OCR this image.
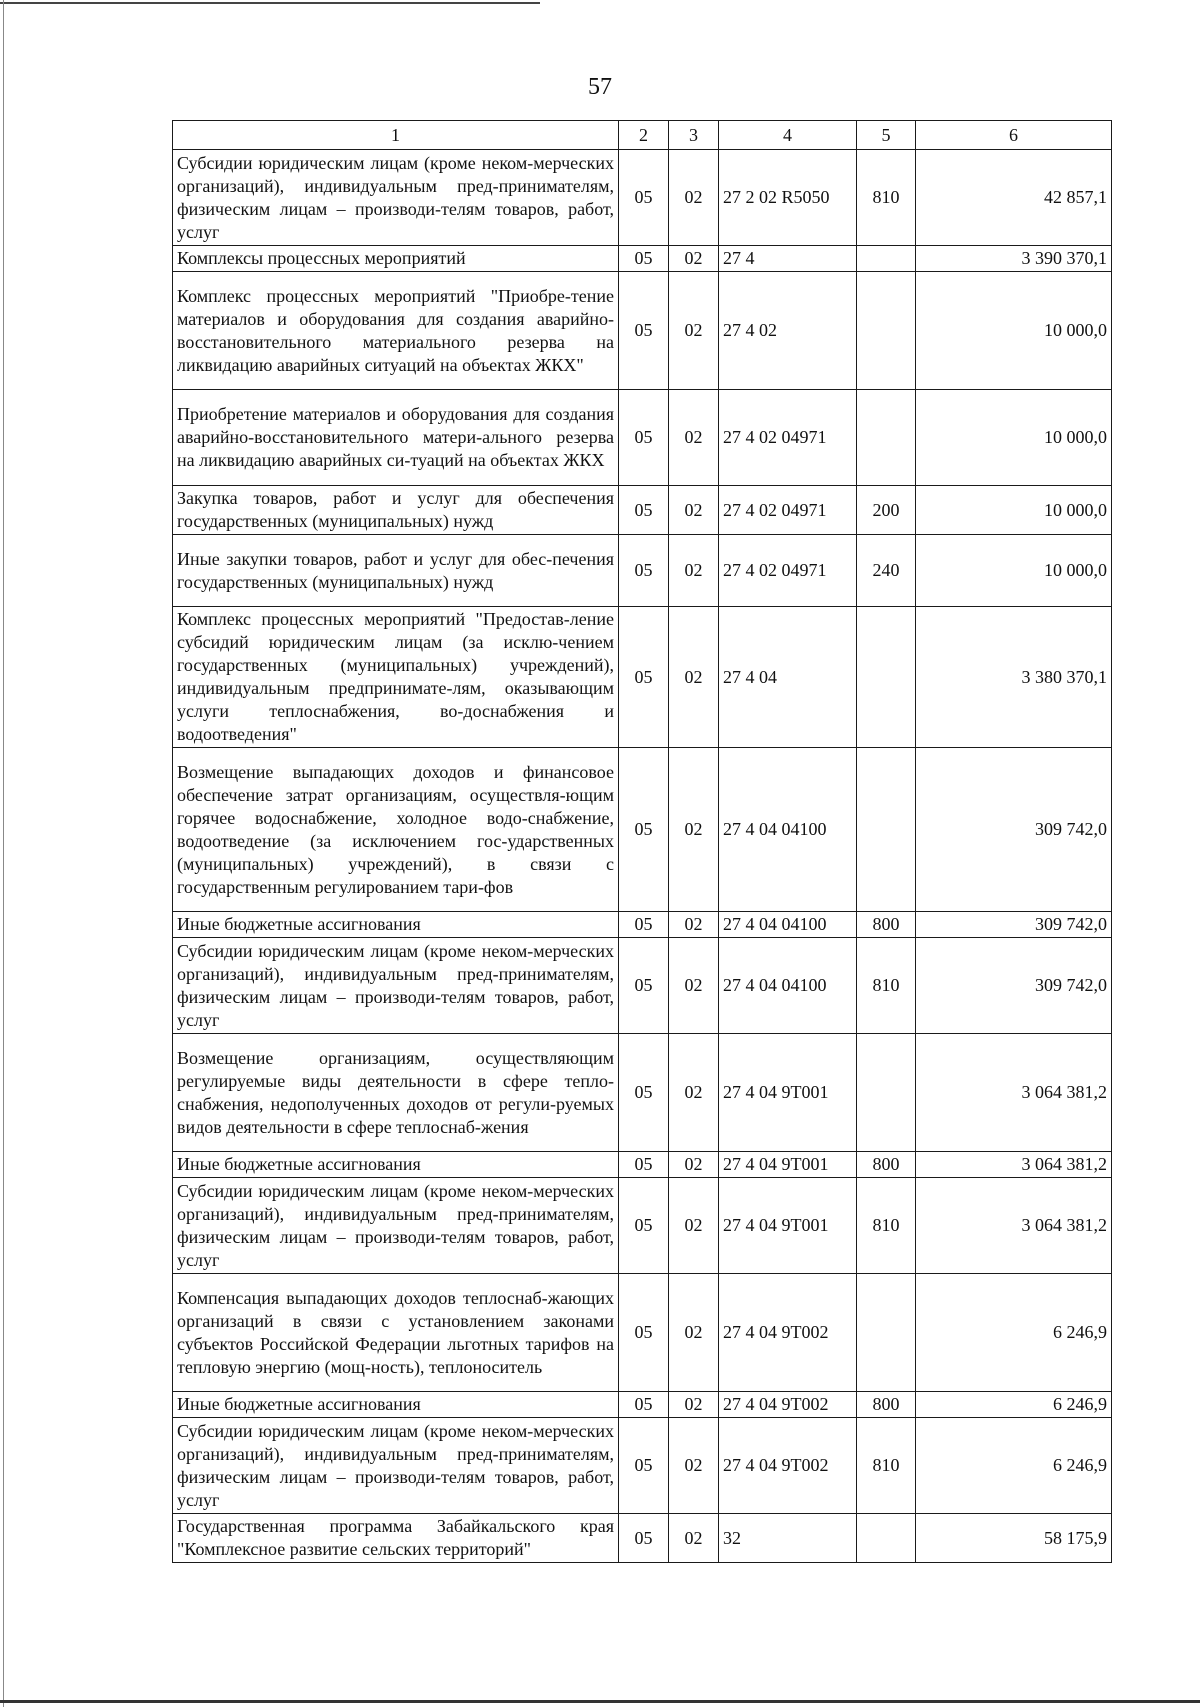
57
1	2	3	4	5	6
Субсидии юридическим лицам (кроме неком-мерческих организаций), индивидуальным пред-принимателям, физическим лицам – производи-телям товаров, работ, услуг	05	02	27 2 02 R5050	810	42 857,1
Комплексы процессных мероприятий	05	02	27 4		3 390 370,1
Комплекс процессных мероприятий "Приобре-тение материалов и оборудования для создания аварийно-восстановительного материального резерва на ликвидацию аварийных ситуаций на объектах ЖКХ"	05	02	27 4 02		10 000,0
Приобретение материалов и оборудования для создания аварийно-восстановительного матери-ального резерва на ликвидацию аварийных си-туаций на объектах ЖКХ	05	02	27 4 02 04971		10 000,0
Закупка товаров, работ и услуг для обеспечения государственных (муниципальных) нужд	05	02	27 4 02 04971	200	10 000,0
Иные закупки товаров, работ и услуг для обес-печения государственных (муниципальных) нужд	05	02	27 4 02 04971	240	10 000,0
Комплекс процессных мероприятий "Предостав-ление субсидий юридическим лицам (за исклю-чением государственных (муниципальных) учреждений), индивидуальным предпринимате-лям, оказывающим услуги теплоснабжения, во-доснабжения и водоотведения"	05	02	27 4 04		3 380 370,1
Возмещение выпадающих доходов и финансовое обеспечение затрат организациям, осуществля-ющим горячее водоснабжение, холодное водо-снабжение, водоотведение (за исключением гос-ударственных (муниципальных) учреждений), в связи с государственным регулированием тари-фов	05	02	27 4 04 04100		309 742,0
Иные бюджетные ассигнования	05	02	27 4 04 04100	800	309 742,0
Субсидии юридическим лицам (кроме неком-мерческих организаций), индивидуальным пред-принимателям, физическим лицам – производи-телям товаров, работ, услуг	05	02	27 4 04 04100	810	309 742,0
Возмещение организациям, осуществляющим регулируемые виды деятельности в сфере тепло-снабжения, недополученных доходов от регули-руемых видов деятельности в сфере теплоснаб-жения	05	02	27 4 04 9Т001		3 064 381,2
Иные бюджетные ассигнования	05	02	27 4 04 9Т001	800	3 064 381,2
Субсидии юридическим лицам (кроме неком-мерческих организаций), индивидуальным пред-принимателям, физическим лицам – производи-телям товаров, работ, услуг	05	02	27 4 04 9Т001	810	3 064 381,2
Компенсация выпадающих доходов теплоснаб-жающих организаций в связи с установлением законами субъектов Российской Федерации льготных тарифов на тепловую энергию (мощ-ность), теплоноситель	05	02	27 4 04 9Т002		6 246,9
Иные бюджетные ассигнования	05	02	27 4 04 9Т002	800	6 246,9
Субсидии юридическим лицам (кроме неком-мерческих организаций), индивидуальным пред-принимателям, физическим лицам – производи-телям товаров, работ, услуг	05	02	27 4 04 9Т002	810	6 246,9
Государственная программа Забайкальского края "Комплексное развитие сельских территорий"	05	02	32		58 175,9
